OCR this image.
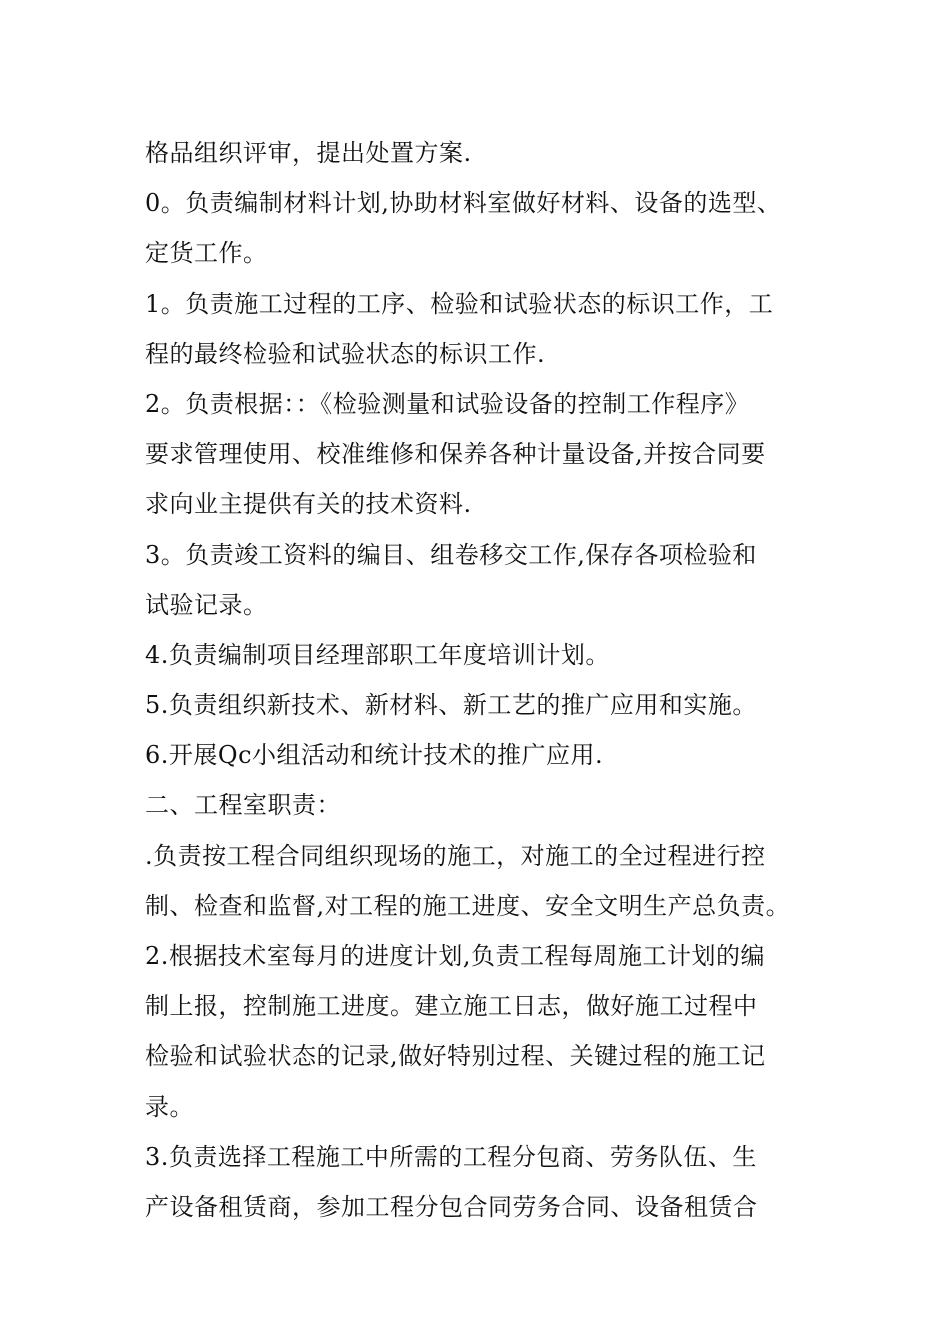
格品组织评审，提出处置方案.
0。负责编制材料计划,协助材料室做好材料、设备的选型、
定货工作。
1。负责施工过程的工序、检验和试验状态的标识工作，工
程的最终检验和试验状态的标识工作.
2。负责根据：：《检验测量和试验设备的控制工作程序》
要求管理使用、校准维修和保养各种计量设备,并按合同要
求向业主提供有关的技术资料.
3。负责竣工资料的编目、组卷移交工作,保存各项检验和
试验记录。
4.负责编制项目经理部职工年度培训计划。
5.负责组织新技术、新材料、新工艺的推广应用和实施。
6.开展Qc小组活动和统计技术的推广应用.
二、工程室职责：
.负责按工程合同组织现场的施工，对施工的全过程进行控
制、检查和监督,对工程的施工进度、安全文明生产总负责。
2.根据技术室每月的进度计划,负责工程每周施工计划的编
制上报，控制施工进度。建立施工日志，做好施工过程中
检验和试验状态的记录,做好特别过程、关键过程的施工记
录。
3.负责选择工程施工中所需的工程分包商、劳务队伍、生
产设备租赁商，参加工程分包合同劳务合同、设备租赁合
